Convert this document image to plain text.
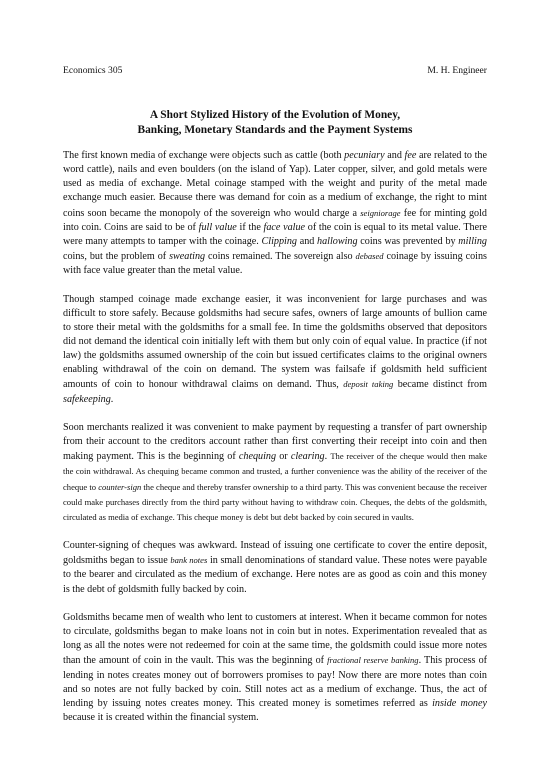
Economics 305	M. H. Engineer
A Short Stylized History of the Evolution of Money,
Banking, Monetary Standards and the Payment Systems

The first known media of exchange were objects such as cattle (both pecuniary and fee are related to the word cattle), nails and even boulders (on the island of Yap). Later copper, silver, and gold metals were used as media of exchange. Metal coinage stamped with the weight and purity of the metal made exchange much easier. Because there was demand for coin as a medium of exchange, the right to mint coins soon became the monopoly of the sovereign who would charge a seigniorage fee for minting gold into coin. Coins are said to be of full value if the face value of the coin is equal to its metal value. There were many attempts to tamper with the coinage. Clipping and hallowing coins was prevented by milling coins, but the problem of sweating coins remained. The sovereign also debased coinage by issuing coins with face value greater than the metal value.

Though stamped coinage made exchange easier, it was inconvenient for large purchases and was difficult to store safely. Because goldsmiths had secure safes, owners of large amounts of bullion came to store their metal with the goldsmiths for a small fee. In time the goldsmiths observed that depositors did not demand the identical coin initially left with them but only coin of equal value. In practice (if not law) the goldsmiths assumed ownership of the coin but issued certificates claims to the original owners enabling withdrawal of the coin on demand. The system was failsafe if goldsmith held sufficient amounts of coin to honour withdrawal claims on demand. Thus, deposit taking became distinct from safekeeping.

Soon merchants realized it was convenient to make payment by requesting a transfer of part ownership from their account to the creditors account rather than first converting their receipt into coin and then making payment. This is the beginning of chequing or clearing. The receiver of the cheque would then make the coin withdrawal. As chequing became common and trusted, a further convenience was the ability of the receiver of the cheque to counter-sign the cheque and thereby transfer ownership to a third party. This was convenient because the receiver could make purchases directly from the third party without having to withdraw coin. Cheques, the debts of the goldsmith, circulated as media of exchange. This cheque money is debt but debt backed by coin secured in vaults.

Counter-signing of cheques was awkward. Instead of issuing one certificate to cover the entire deposit, goldsmiths began to issue bank notes in small denominations of standard value. These notes were payable to the bearer and circulated as the medium of exchange. Here notes are as good as coin and this money is the debt of goldsmith fully backed by coin.

Goldsmiths became men of wealth who lent to customers at interest. When it became common for notes to circulate, goldsmiths began to make loans not in coin but in notes. Experimentation revealed that as long as all the notes were not redeemed for coin at the same time, the goldsmith could issue more notes than the amount of coin in the vault. This was the beginning of fractional reserve banking. This process of lending in notes creates money out of borrowers promises to pay! Now there are more notes than coin and so notes are not fully backed by coin. Still notes act as a medium of exchange. Thus, the act of lending by issuing notes creates money. This created money is sometimes referred as inside money because it is created within the financial system.
